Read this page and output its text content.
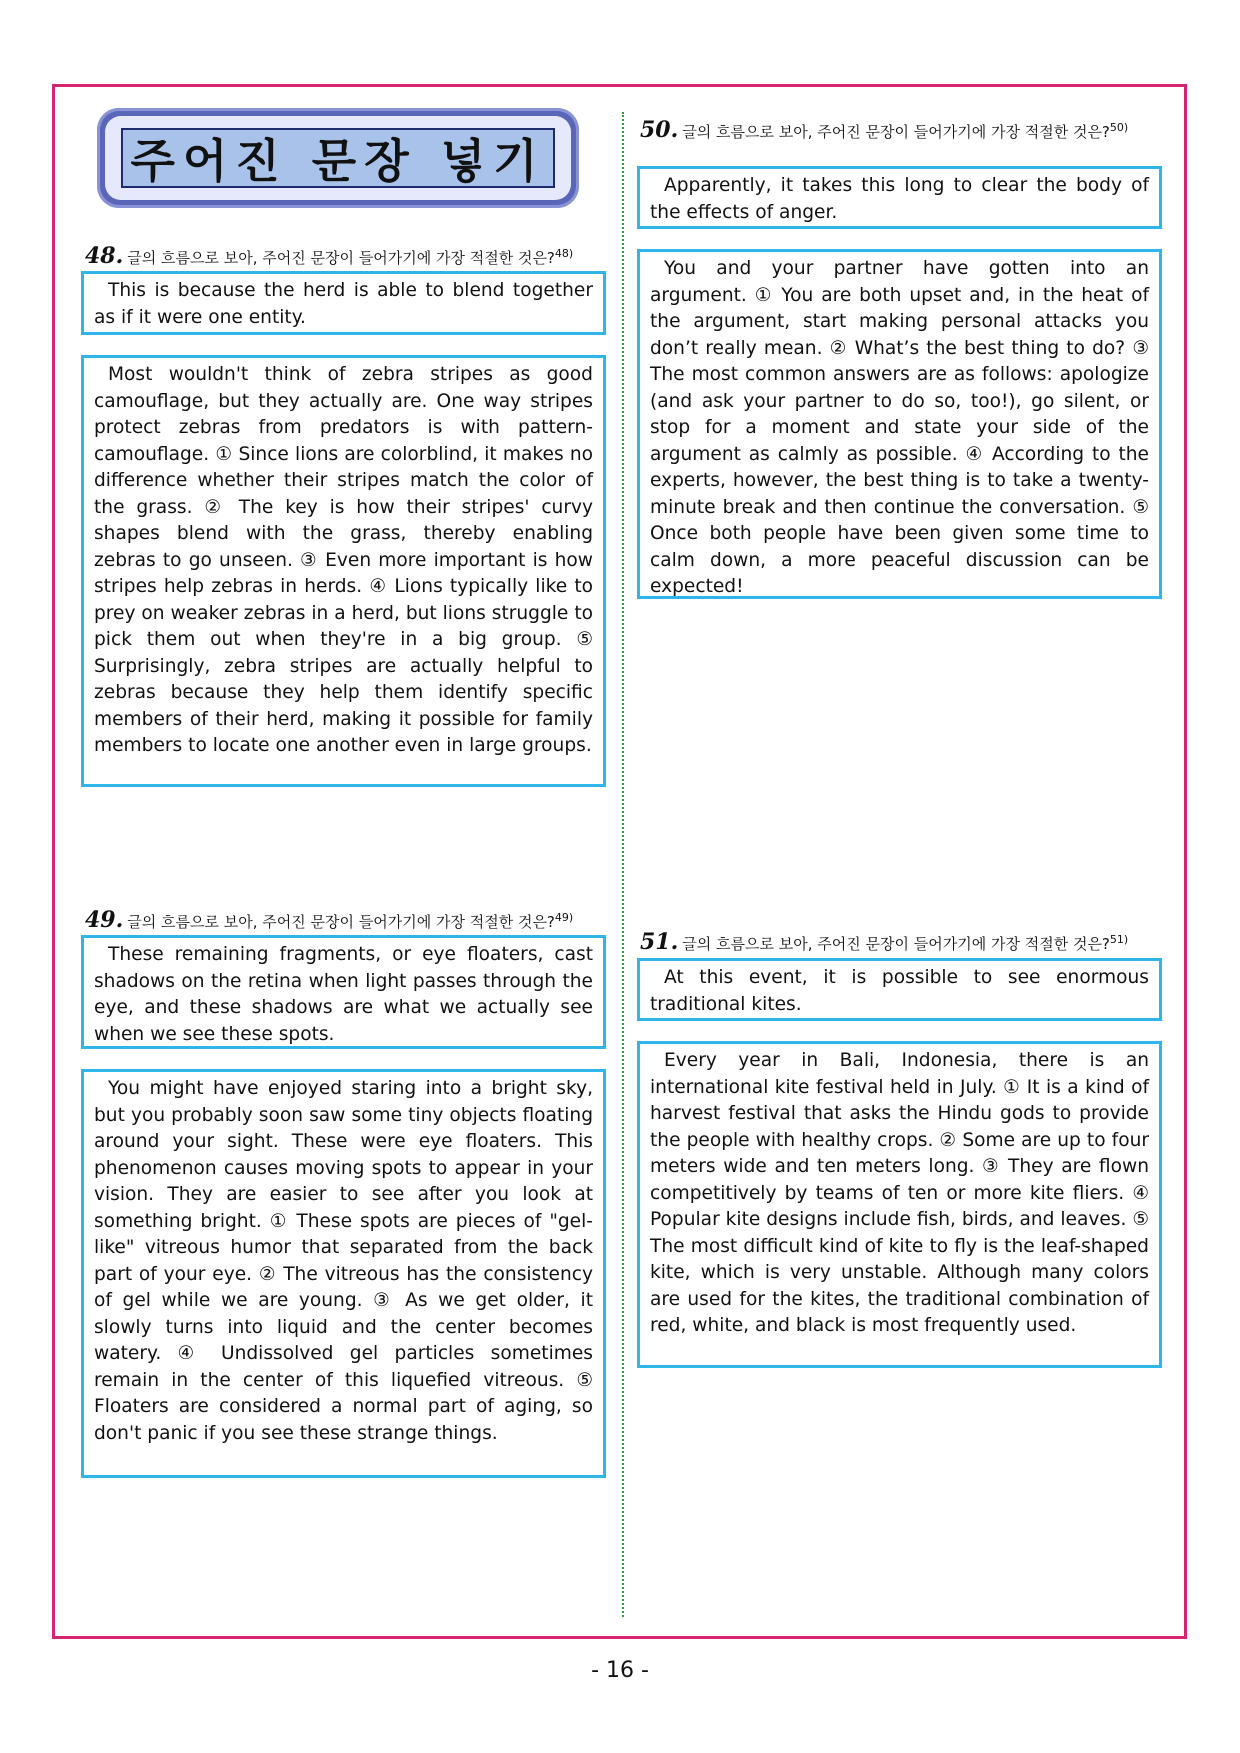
주어진 문장 넣기
48. 글의 흐름으로 보아, 주어진 문장이 들어가기에 가장 적절한 것은?$^{48)}$

This is because the herd is able to blend together as if it were one entity.

Most wouldn't think of zebra stripes as good camouflage, but they actually are. One way stripes protect zebras from predators is with pattern-camouflage. ① Since lions are colorblind, it makes no difference whether their stripes match the color of the grass. ② The key is how their stripes' curvy shapes blend with the grass, thereby enabling zebras to go unseen. ③ Even more important is how stripes help zebras in herds. ④ Lions typically like to prey on weaker zebras in a herd, but lions struggle to pick them out when they're in a big group. ⑤ Surprisingly, zebra stripes are actually helpful to zebras because they help them identify specific members of their herd, making it possible for family members to locate one another even in large groups.

49. 글의 흐름으로 보아, 주어진 문장이 들어가기에 가장 적절한 것은?$^{49)}$

These remaining fragments, or eye floaters, cast shadows on the retina when light passes through the eye, and these shadows are what we actually see when we see these spots.

You might have enjoyed staring into a bright sky, but you probably soon saw some tiny objects floating around your sight. These were eye floaters. This phenomenon causes moving spots to appear in your vision. They are easier to see after you look at something bright. ① These spots are pieces of "gel-like" vitreous humor that separated from the back part of your eye. ② The vitreous has the consistency of gel while we are young. ③ As we get older, it slowly turns into liquid and the center becomes watery. ④ Undissolved gel particles sometimes remain in the center of this liquefied vitreous. ⑤ Floaters are considered a normal part of aging, so don't panic if you see these strange things.

50. 글의 흐름으로 보아, 주어진 문장이 들어가기에 가장 적절한 것은?$^{50)}$

Apparently, it takes this long to clear the body of the effects of anger.

You and your partner have gotten into an argument. ① You are both upset and, in the heat of the argument, start making personal attacks you don’t really mean. ② What’s the best thing to do? ③ The most common answers are as follows: apologize (and ask your partner to do so, too!), go silent, or stop for a moment and state your side of the argument as calmly as possible. ④ According to the experts, however, the best thing is to take a twenty-minute break and then continue the conversation. ⑤ Once both people have been given some time to calm down, a more peaceful discussion can be expected!

51. 글의 흐름으로 보아, 주어진 문장이 들어가기에 가장 적절한 것은?$^{51)}$

At this event, it is possible to see enormous traditional kites.

Every year in Bali, Indonesia, there is an international kite festival held in July. ① It is a kind of harvest festival that asks the Hindu gods to provide the people with healthy crops. ② Some are up to four meters wide and ten meters long. ③ They are flown competitively by teams of ten or more kite fliers. ④ Popular kite designs include fish, birds, and leaves. ⑤ The most difficult kind of kite to fly is the leaf-shaped kite, which is very unstable. Although many colors are used for the kites, the traditional combination of red, white, and black is most frequently used.

- 16 -
